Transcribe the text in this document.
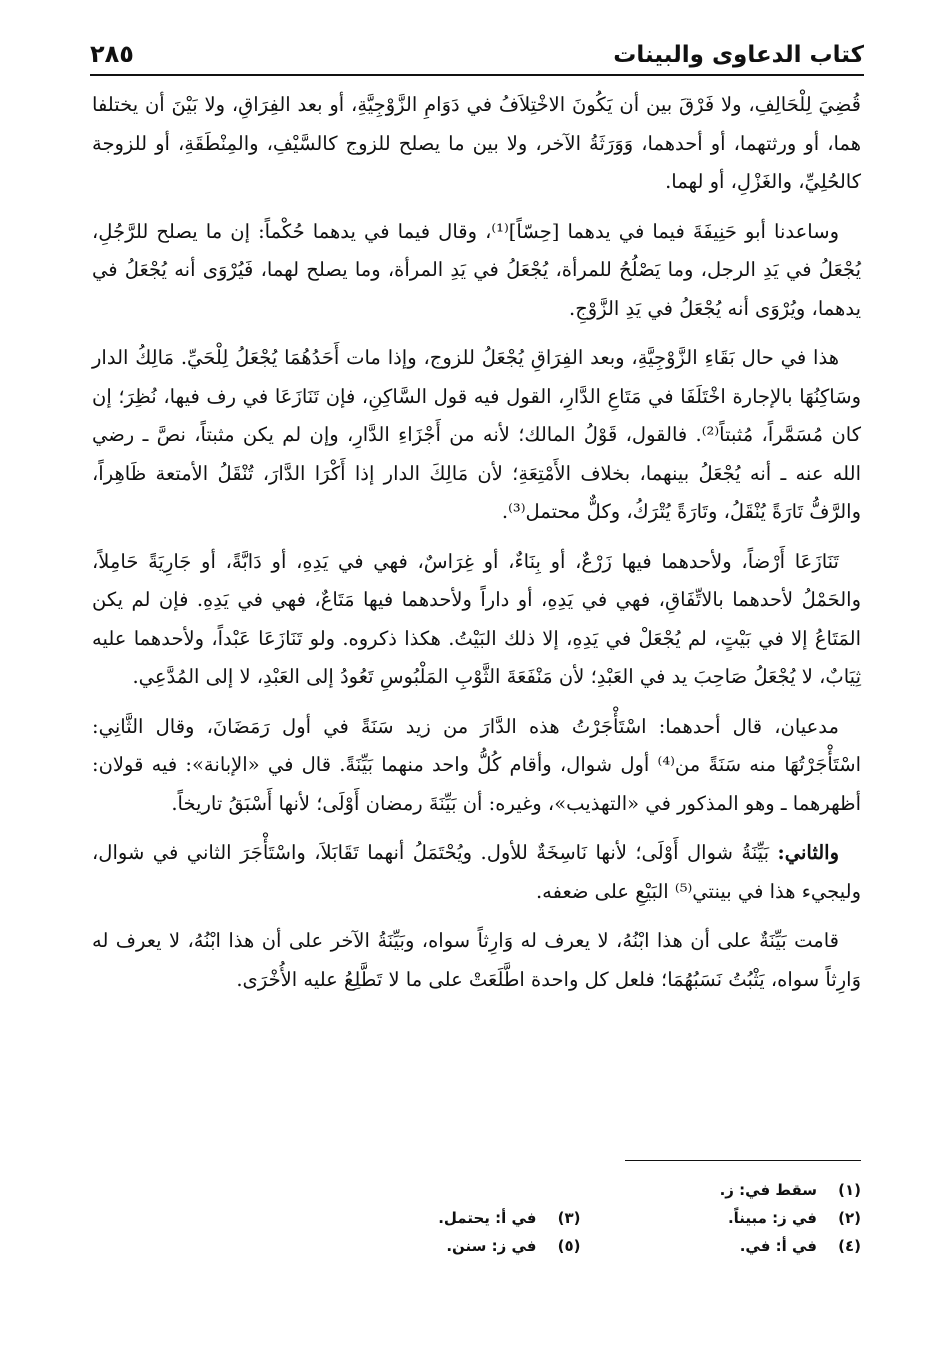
كتاب الدعاوى والبينات
٢٨٥

قُضِيَ لِلْحَالِفِ، ولا فَرْقَ بين أن يَكُونَ الاخْتِلاَفُ في دَوَامِ الزَّوْجِيَّةِ، أو بعد الفِرَاقِ، ولا بَيْنَ أن يختلفا هما، أو ورثتهما، أو أحدهما، وَوَرَثَةُ الآخر، ولا بين ما يصلح للزوج كالسَّيْفِ، والمِنْطَقَةِ، أو للزوجة كالحُلِيِّ، والغَزْلِ، أو لهما.

وساعدنا أبو حَنِيفَةَ فيما في يدهما [حِسّاً]⁽¹⁾، وقال فيما في يدهما حُكْماً: إن ما يصلح للرَّجُلِ، يُجْعَلُ في يَدِ الرجل، وما يَصْلُحُ للمرأة، يُجْعَلُ في يَدِ المرأة، وما يصلح لهما، فَيُرْوَى أنه يُجْعَلُ في يدهما، ويُرْوَى أنه يُجْعَلُ في يَدِ الزَّوْجِ.

هذا في حال بَقَاءِ الزَّوْجِيَّةِ، وبعد الفِرَاقِ يُجْعَلُ للزوج، وإذا مات أَحَدُهُمَا يُجْعَلُ لِلْحَيِّ. مَالِكُ الدار وسَاكِنُهَا بالإجارة اخْتَلَفَا في مَتَاعِ الدَّارِ، القول فيه قول السَّاكِنِ، فإن تَنَازَعَا في رف فيها، نُظِرَ؛ إن كان مُسَمَّراً، مُثبتاً⁽²⁾. فالقول، قَوْلُ المالك؛ لأنه من أَجْزَاءِ الدَّارِ، وإن لم يكن مثبتاً، نصَّ ـ رضي الله عنه ـ أنه يُجْعَلُ بينهما، بخلاف الأَمْتِعَةِ؛ لأن مَالِكَ الدار إذا أَكْرَا الدَّارَ، تُنْقَلُ الأمتعة ظَاهِراً، والرَّفُّ تَارَةً يُنْقَلُ، وتَارَةً يُتْرَكُ، وكلٌّ محتمل⁽³⁾.

تَنَازَعَا أَرْضاً، ولأحدهما فيها زَرْعٌ، أو بِنَاءٌ، أو غِرَاسٌ، فهي في يَدِهِ، أو دَابَّةً، أو جَارِيَةً حَامِلاً، والحَمْلُ لأحدهما بالاتِّفَاقِ، فهي في يَدِهِ، أو داراً ولأحدهما فيها مَتَاعٌ، فهي في يَدِهِ. فإن لم يكن المَتَاعُ إلا في بَيْتٍ، لم يُجْعَلْ في يَدِهِ، إلا ذلك البَيْتُ. هكذا ذكروه. ولو تَنَازَعَا عَبْداً، ولأحدهما عليه ثِيَابٌ، لا يُجْعَلُ صَاحِبَ يد في العَبْدِ؛ لأن مَنْفَعَةَ الثَّوْبِ المَلْبُوسِ تَعُودُ إلى العَبْدِ، لا إلى المُدَّعِي.

مدعيان، قال أحدهما: اسْتَأْجَرْتُ هذه الدَّارَ من زيد سَنَةً في أول رَمَضَانَ، وقال الثَّانِي: اسْتَأْجَرْتُهَا منه سَنَةً من⁽⁴⁾ أول شوال، وأقام كُلُّ واحد منهما بَيِّنَةً. قال في «الإبانة»: فيه قولان: أظهرهما ـ وهو المذكور في «التهذيب»، وغيره: أن بَيِّنَةَ رمضان أَوْلَى؛ لأنها أَسْبَقُ تاريخاً.

والثاني: بَيِّنَةُ شوال أَوْلَى؛ لأنها نَاسِخَةٌ للأول. ويُحْتَمَلُ أنهما تَقَابَلاَ، واسْتَأْجَرَ الثاني في شوال، وليجيء هذا في بينتي⁽⁵⁾ البَيْعِ على ضعفه.

قامت بَيِّنَةٌ على أن هذا ابْنُهُ، لا يعرف له وَارِثاً سواه، وبَيِّنَةُ الآخر على أن هذا ابْنُهُ، لا يعرف له وَارِثاً سواه، يَثْبُتُ نَسَبُهُمَا؛ فلعل كل واحدة اطَّلَعَتْ على ما لا تَطَّلِعُ عليه الأُخْرَى.

(١)سقط في: ز.
(٢)في ز: مبيناً.
(٣)في أ: يحتمل.
(٤)في أ: في.
(٥)في ز: سنن.
